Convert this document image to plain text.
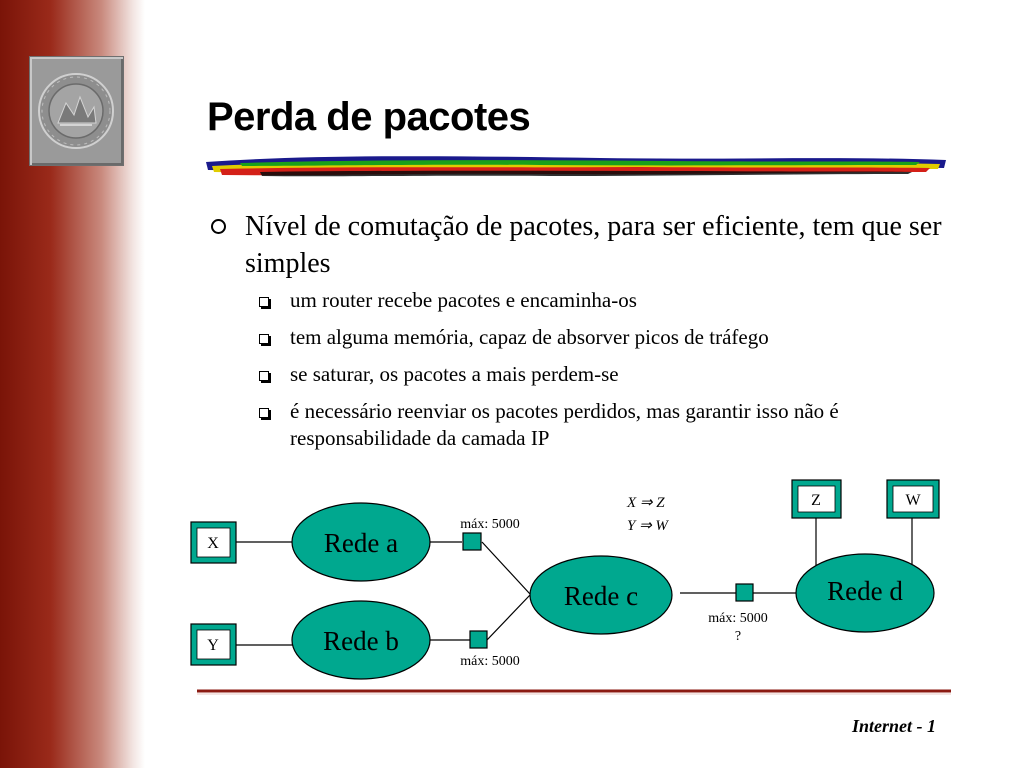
Perda de pacotes
Nível de comutação de pacotes, para ser eficiente, tem que ser simples
um router recebe pacotes e encaminha-os
tem alguma memória, capaz de absorver picos de tráfego
se saturar, os pacotes a mais perdem-se
é necessário reenviar os pacotes perdidos, mas garantir isso não é responsabilidade da camada IP
X
Y
Z	W
Rede a
Rede b
Rede c	Rede d
máx: 5000
máx: 5000
máx: 5000
?
X ⇒ Z
Y ⇒ W
Internet - 1
